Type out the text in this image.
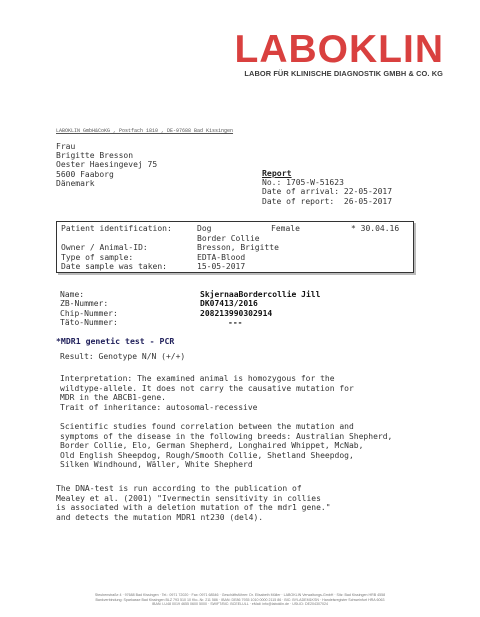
LABOKLIN
LABOR FÜR KLINISCHE DIAGNOSTIK GMBH & CO. KG
LABOKLIN GmbH&CoKG , Postfach 1810 , DE-97688 Bad Kissingen
Frau
Brigitte Bresson
Oester Haesingevej 75
5600 Faaborg
Dänemark
Report
No.: 1705-W-51623
Date of arrival: 22-05-2017
Date of report:  26-05-2017
Patient identification:	Dog	Female	* 30.04.16
Border Collie
Owner / Animal-ID:	Bresson, Brigitte
Type of sample:	EDTA-Blood
Date sample was taken:	15-05-2017
Name:	SkjernaaBordercollie Jill
ZB-Nummer:	DK07413/2016
Chip-Nummer:	208213990302914
Täto-Nummer:	---
*MDR1 genetic test - PCR
Result: Genotype N/N (+/+)
Interpretation: The examined animal is homozygous for the
wildtype-allele. It does not carry the causative mutation for
MDR in the ABCB1-gene.
Trait of inheritance: autosomal-recessive
Scientific studies found correlation between the mutation and
symptoms of the disease in the following breeds: Australian Shepherd,
Border Collie, Elo, German Shepherd, Longhaired Whippet, McNab,
Old English Sheepdog, Rough/Smooth Collie, Shetland Sheepdog,
Silken Windhound, Wäller, White Shepherd
The DNA-test is run according to the publication of
Mealey et al. (2001) "Ivermectin sensitivity in collies
is associated with a deletion mutation of the mdr1 gene."
and detects the mutation MDR1 nt230 (del4).
Steubenstraße 4 · 97688 Bad Kissingen · Tel.: 0971 72020 · Fax: 0971 68546 · Geschäftsführer: Dr. Elisabeth Müller · LABOKLIN Verwaltungs-GmbH · Sitz: Bad Kissingen HRB 4558
Bankverbindung: Sparkasse Bad Kissingen BLZ 793 510 10 Kto.-Nr. 211 586 · IBAN: DE86 7935 1010 0000 2115 86 · BIC: BYLADEM1KSN · Handelsregister Schweinfurt HRA 6063
IBAN: LU48 0019 4655 0600 5000 · SWIFT/BIC: BCEELULL · eMail: info@laboklin.de · USt-ID: DE204307024
